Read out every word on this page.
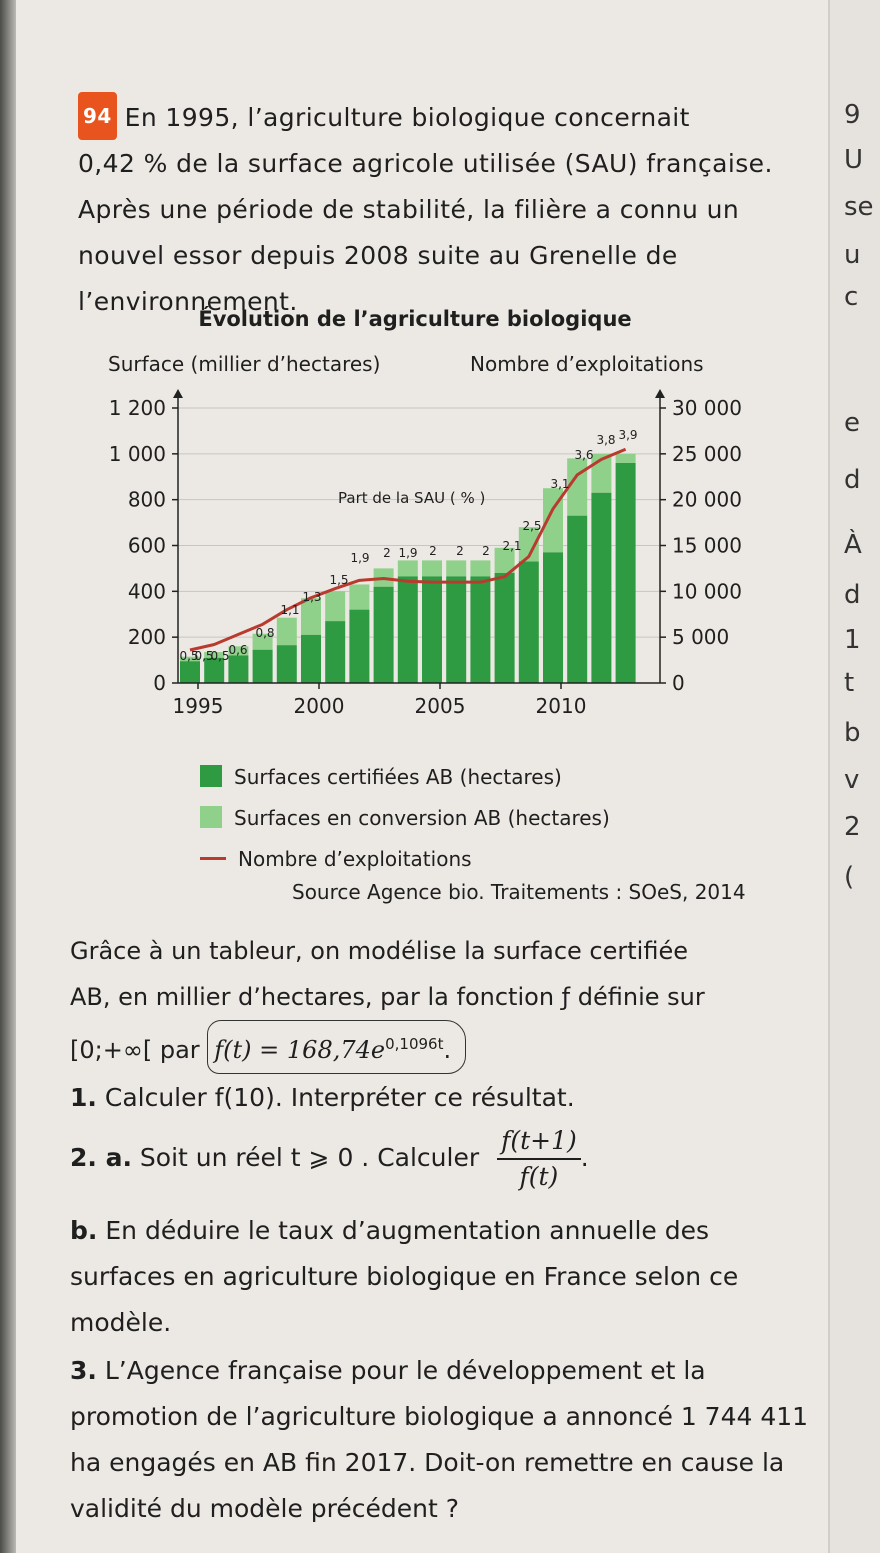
9
U
se
u
c
e
d
À
d
1
t
b
v
2
(
94 En 1995, l’agriculture biologique concernait
0,42 % de la surface agricole utilisée (SAU) française.
Après une période de stabilité, la filière a connu un
nouvel essor depuis 2008 suite au Grenelle de
l’environnement.
Évolution de l’agriculture biologique
Surface (millier d’hectares)	Nombre d’exploitations
0
200
400
600
800
1 000
1 200
0
5 000
10 000
15 000
20 000
25 000
30 000
1995	2000	2005	2010
Part de la SAU ( % )
0,5
0,5
0,5
0,6
0,8
1,1
1,3
1,5
1,9 2 1,9 2 2 2 2,1
2,5
3,1
3,6
3,8 3,9
Surfaces certifiées AB (hectares)
Surfaces en conversion AB (hectares)
Nombre d’exploitations
Source Agence bio. Traitements : SOeS, 2014
Grâce à un tableur, on modélise la surface certifiée
AB, en millier d’hectares, par la fonction ƒ définie sur
[0;+∞[ par $f(t) = 168,74e^{0,1096t}$.
1. Calculer f(10). Interpréter ce résultat.
2. a. Soit un réel t ⩾ 0 . Calculer $\frac{f(t+1)}{f(t)}$ .
b. En déduire le taux d’augmentation annuelle des surfaces en agriculture biologique en France selon ce modèle.
3. L’Agence française pour le développement et la promotion de l’agriculture biologique a annoncé 1 744 411 ha engagés en AB fin 2017. Doit-on remettre en cause la validité du modèle précédent ?
